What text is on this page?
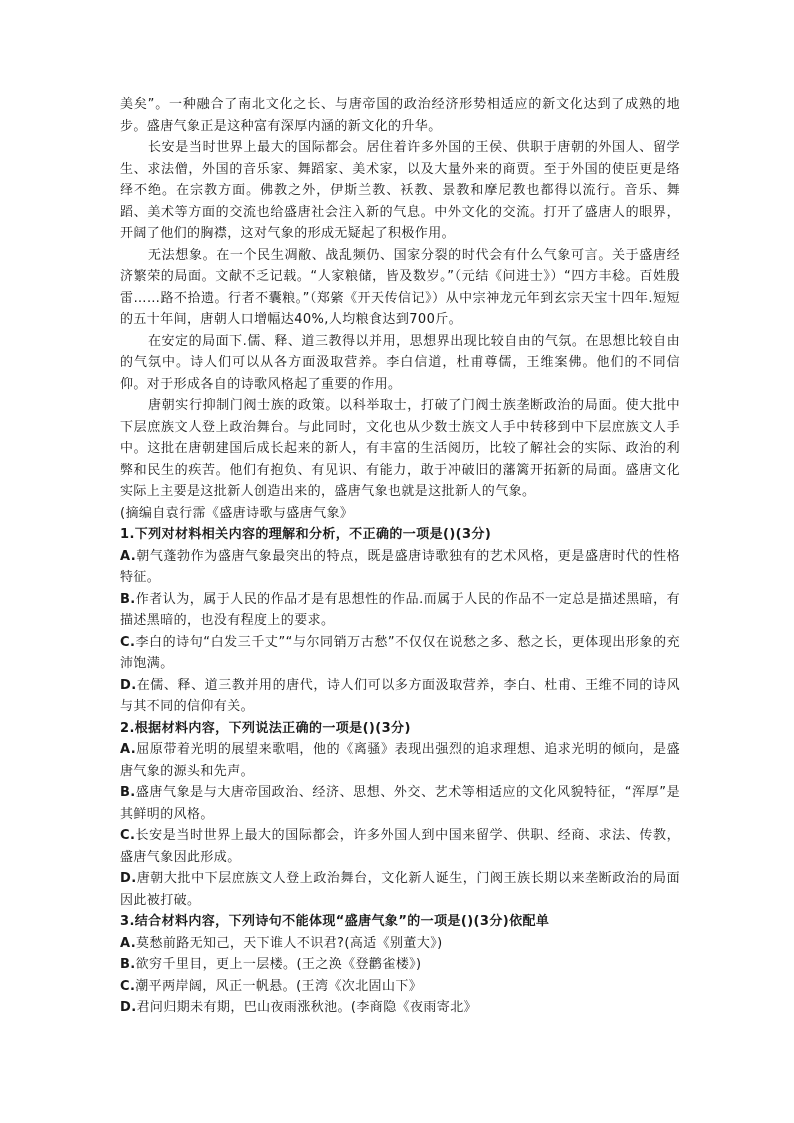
美矣”。一种融合了南北文化之长、与唐帝国的政治经济形势相适应的新文化达到了成熟的地步。盛唐气象正是这种富有深厚内涵的新文化的升华。

长安是当时世界上最大的国际都会。居住着许多外国的王侯、供职于唐朝的外国人、留学生、求法僧，外国的音乐家、舞蹈家、美术家，以及大量外来的商贾。至于外国的使臣更是络绎不绝。在宗教方面。佛教之外，伊斯兰教、袄教、景教和摩尼教也都得以流行。音乐、舞蹈、美术等方面的交流也给盛唐社会注入新的气息。中外文化的交流。打开了盛唐人的眼界，开阔了他们的胸襟，这对气象的形成无疑起了积极作用。

无法想象。在一个民生凋敝、战乱频仍、国家分裂的时代会有什么气象可言。关于盛唐经济繁荣的局面。文献不乏记载。“人家粮储，皆及数岁。”（元结《问进士》）“四方丰稔。百姓殷雷……路不拾遗。行者不囊粮。”（郑綮《开天传信记》）从中宗神龙元年到玄宗天宝十四年.短短的五十年间，唐朝人口增幅达40%,人均粮食达到700斤。

在安定的局面下.儒、释、道三教得以并用，思想界出现比较自由的气氛。在思想比较自由的气氛中。诗人们可以从各方面汲取营养。李白信道，杜甫尊儒，王维案佛。他们的不同信仰。对于形成各自的诗歌风格起了重要的作用。

唐朝实行抑制门阀士族的政策。以科举取士，打破了门阀士族垄断政治的局面。使大批中下层庶族文人登上政治舞台。与此同时，文化也从少数士族文人手中转移到中下层庶族文人手中。这批在唐朝建国后成长起来的新人，有丰富的生活阅历，比较了解社会的实际、政治的利弊和民生的疾苦。他们有抱负、有见识、有能力，敢于冲破旧的藩篱开拓新的局面。盛唐文化实际上主要是这批新人创造出来的，盛唐气象也就是这批新人的气象。

(摘编自袁行霈《盛唐诗歌与盛唐气象》

1.下列对材料相关内容的理解和分析，不正确的一项是()(3分)

A.朝气蓬勃作为盛唐气象最突出的特点，既是盛唐诗歌独有的艺术风格，更是盛唐时代的性格特征。

B.作者认为，属于人民的作品才是有思想性的作品.而属于人民的作品不一定总是描述黑暗，有描述黑暗的，也没有程度上的要求。

C.李白的诗句“白发三千丈”“与尔同销万古愁”不仅仅在说愁之多、愁之长，更体现出形象的充沛饱满。

D.在儒、释、道三教并用的唐代，诗人们可以多方面汲取营养，李白、杜甫、王维不同的诗风与其不同的信仰有关。

2.根据材料内容，下列说法正确的一项是()(3分)

A.屈原带着光明的展望来歌唱，他的《离骚》表现出强烈的追求理想、追求光明的倾向，是盛唐气象的源头和先声。

B.盛唐气象是与大唐帝国政治、经济、思想、外交、艺术等相适应的文化风貌特征，“浑厚”是其鲜明的风格。

C.长安是当时世界上最大的国际都会，许多外国人到中国来留学、供职、经商、求法、传教，盛唐气象因此形成。

D.唐朝大批中下层庶族文人登上政治舞台，文化新人诞生，门阀王族长期以来垄断政治的局面因此被打破。

3.结合材料内容，下列诗句不能体现“盛唐气象”的一项是()(3分)依配单

A.莫愁前路无知己，天下谁人不识君?(高适《别董大》)

B.欲穷千里目，更上一层楼。(王之涣《登鹳雀楼》)

C.潮平两岸阔，风正一帆悬。(王湾《次北固山下》

D.君问归期未有期，巴山夜雨涨秋池。(李商隐《夜雨寄北》
